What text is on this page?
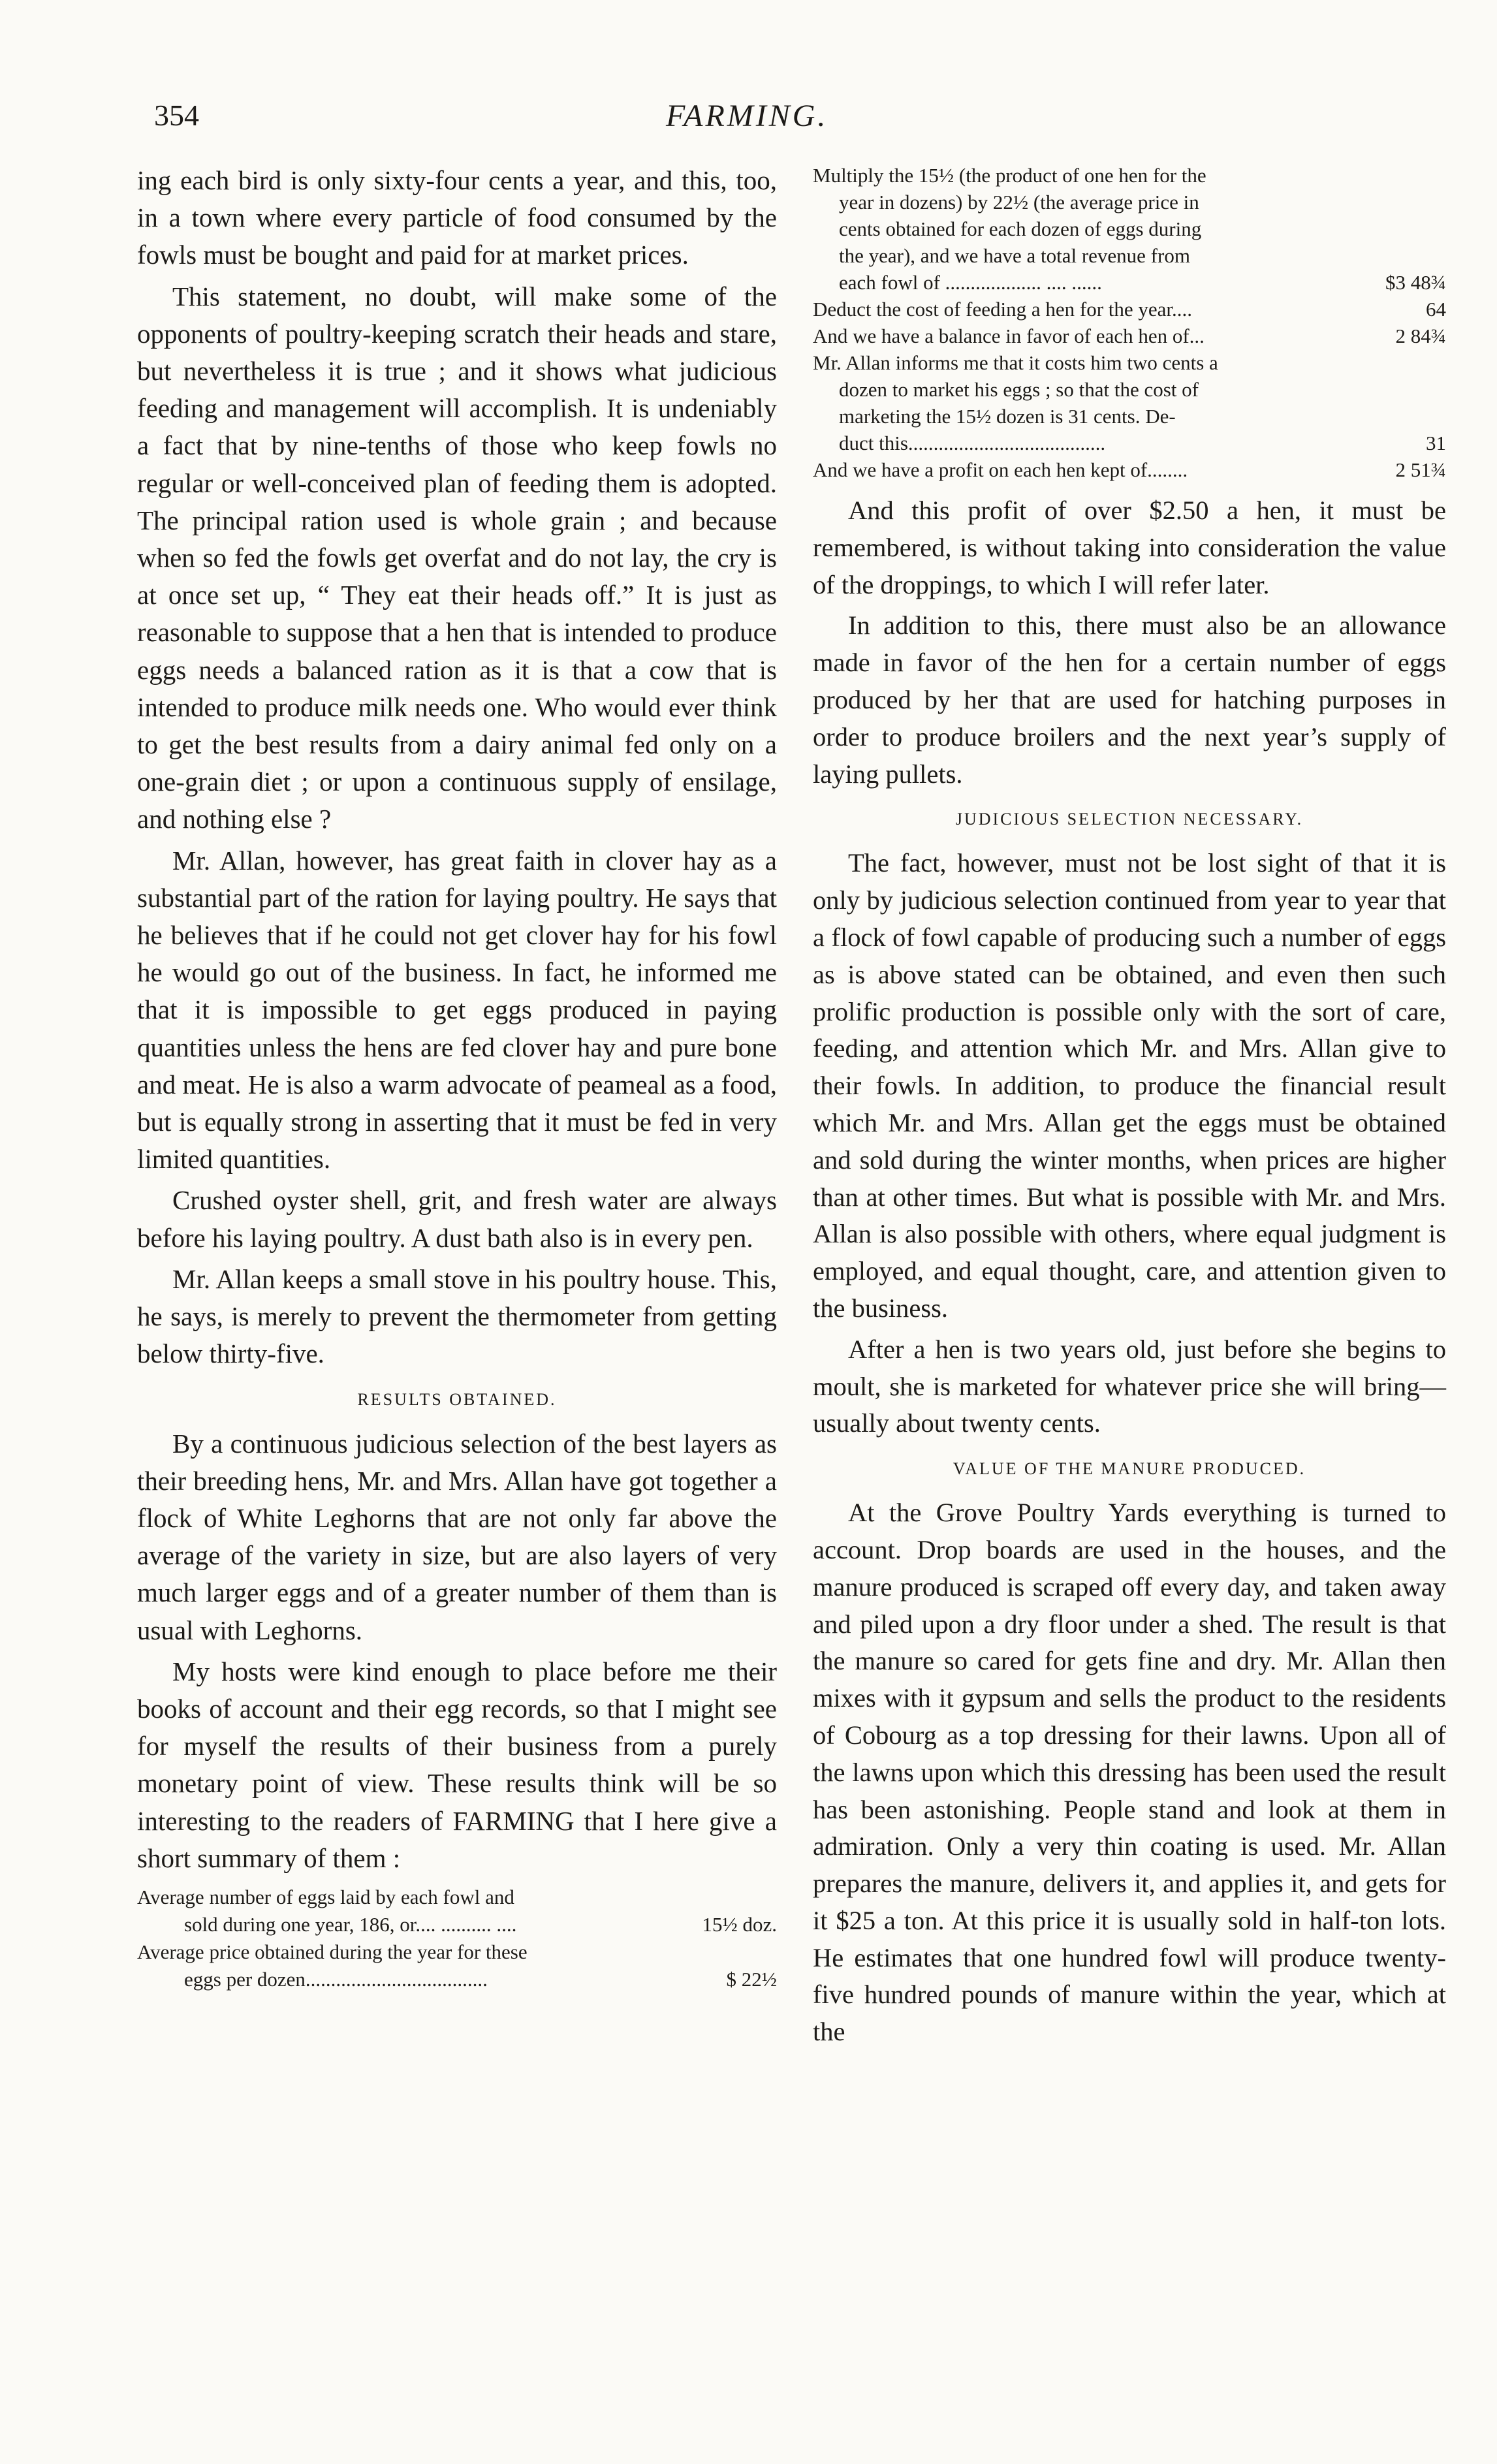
354	FARMING.

ing each bird is only sixty-four cents a year, and this, too, in a town where every particle of food consumed by the fowls must be bought and paid for at market prices.

This statement, no doubt, will make some of the opponents of poultry-keeping scratch their heads and stare, but nevertheless it is true ; and it shows what judicious feeding and management will accomplish. It is undeniably a fact that by nine-tenths of those who keep fowls no regular or well-conceived plan of feeding them is adopted. The principal ration used is whole grain ; and because when so fed the fowls get overfat and do not lay, the cry is at once set up, “ They eat their heads off.” It is just as reasonable to suppose that a hen that is intended to produce eggs needs a balanced ration as it is that a cow that is intended to produce milk needs one. Who would ever think to get the best results from a dairy animal fed only on a one-grain diet ; or upon a continuous supply of ensilage, and nothing else ?

Mr. Allan, however, has great faith in clover hay as a substantial part of the ration for laying poultry. He says that he believes that if he could not get clover hay for his fowl he would go out of the business. In fact, he informed me that it is impossible to get eggs produced in paying quantities unless the hens are fed clover hay and pure bone and meat. He is also a warm advocate of peameal as a food, but is equally strong in asserting that it must be fed in very limited quantities.

Crushed oyster shell, grit, and fresh water are always before his laying poultry. A dust bath also is in every pen.

Mr. Allan keeps a small stove in his poultry house. This, he says, is merely to prevent the thermometer from getting below thirty-five.

RESULTS OBTAINED.

By a continuous judicious selection of the best layers as their breeding hens, Mr. and Mrs. Allan have got together a flock of White Leghorns that are not only far above the average of the variety in size, but are also layers of very much larger eggs and of a greater number of them than is usual with Leghorns.

My hosts were kind enough to place before me their books of account and their egg records, so that I might see for myself the results of their business from a purely monetary point of view. These results think will be so interesting to the readers of FARMING that I here give a short summary of them :

Average number of eggs laid by each fowl and
sold during one year, 186, or.... .......... ....	15½ doz.
Average price obtained during the year for these
eggs per dozen....................................	$ 22½
Multiply the 15½ (the product of one hen for the
year in dozens) by 22½ (the average price in
cents obtained for each dozen of eggs during
the year), and we have a total revenue from
each fowl of ................... .... ......	$3 48¾
Deduct the cost of feeding a hen for the year....	64
And we have a balance in favor of each hen of...	2 84¾
Mr. Allan informs me that it costs him two cents a
dozen to market his eggs ; so that the cost of
marketing the 15½ dozen is 31 cents. De-
duct this.......................................	31
And we have a profit on each hen kept of........	2 51¾

And this profit of over $2.50 a hen, it must be remembered, is without taking into consideration the value of the droppings, to which I will refer later.

In addition to this, there must also be an allowance made in favor of the hen for a certain number of eggs produced by her that are used for hatching purposes in order to produce broilers and the next year’s supply of laying pullets.

JUDICIOUS SELECTION NECESSARY.

The fact, however, must not be lost sight of that it is only by judicious selection continued from year to year that a flock of fowl capable of producing such a number of eggs as is above stated can be obtained, and even then such prolific production is possible only with the sort of care, feeding, and attention which Mr. and Mrs. Allan give to their fowls. In addition, to produce the financial result which Mr. and Mrs. Allan get the eggs must be obtained and sold during the winter months, when prices are higher than at other times. But what is possible with Mr. and Mrs. Allan is also possible with others, where equal judgment is employed, and equal thought, care, and attention given to the business.

After a hen is two years old, just before she begins to moult, she is marketed for whatever price she will bring—usually about twenty cents.

VALUE OF THE MANURE PRODUCED.

At the Grove Poultry Yards everything is turned to account. Drop boards are used in the houses, and the manure produced is scraped off every day, and taken away and piled upon a dry floor under a shed. The result is that the manure so cared for gets fine and dry. Mr. Allan then mixes with it gypsum and sells the product to the residents of Cobourg as a top dressing for their lawns. Upon all of the lawns upon which this dressing has been used the result has been astonishing. People stand and look at them in admiration. Only a very thin coating is used. Mr. Allan prepares the manure, delivers it, and applies it, and gets for it $25 a ton. At this price it is usually sold in half-ton lots. He estimates that one hundred fowl will produce twenty-five hundred pounds of manure within the year, which at the
